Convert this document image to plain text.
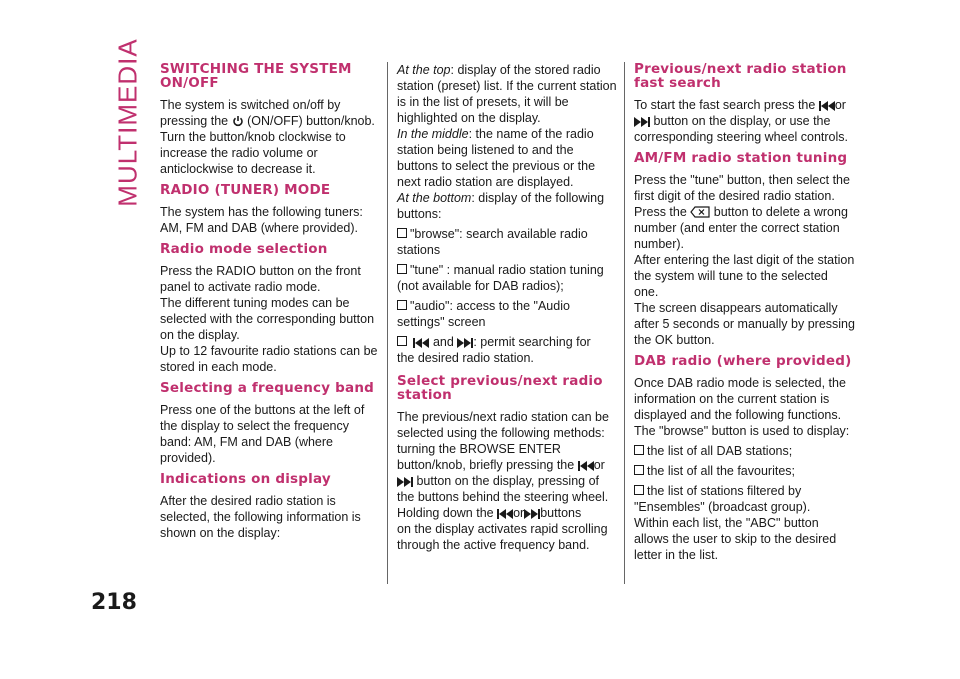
MULTIMEDIA SWITCHING THE SYSTEM ON/OFF
The system is switched on/off by
pressing the (ON/OFF) button/knob.
Turn the button/knob clockwise to
increase the radio volume or
anticlockwise to decrease it.
RADIO (TUNER) MODE
The system has the following tuners:
AM, FM and DAB (where provided).
Radio mode selection
Press the RADIO button on the front
panel to activate radio mode.
The different tuning modes can be
selected with the corresponding button
on the display.
Up to 12 favourite radio stations can be
stored in each mode.
Selecting a frequency band
Press one of the buttons at the left of
the display to select the frequency
band: AM, FM and DAB (where
provided).
Indications on display
After the desired radio station is
selected, the following information is
shown on the display:
At the top: display of the stored radio
station (preset) list. If the current station
is in the list of presets, it will be
highlighted on the display.
In the middle: the name of the radio
station being listened to and the
buttons to select the previous or the
next radio station are displayed.
At the bottom: display of the following
buttons:
"browse": search available radio
stations
"tune" : manual radio station tuning
(not available for DAB radios);
"audio": access to the "Audio
settings" screen
and : permit searching for
the desired radio station.
Select previous/next radio station
The previous/next radio station can be
selected using the following methods:
turning the BROWSE ENTER
button/knob, briefly pressing the or
button on the display, pressing of
the buttons behind the steering wheel.
Holding down the or buttons
on the display activates rapid scrolling
through the active frequency band.
Previous/next radio station fast search
To start the fast search press the or
button on the display, or use the
corresponding steering wheel controls.
AM/FM radio station tuning
Press the "tune" button, then select the
first digit of the desired radio station.
Press the button to delete a wrong
number (and enter the correct station
number).
After entering the last digit of the station
the system will tune to the selected
one.
The screen disappears automatically
after 5 seconds or manually by pressing
the OK button.
DAB radio (where provided)
Once DAB radio mode is selected, the
information on the current station is
displayed and the following functions.
The "browse" button is used to display:
the list of all DAB stations;
the list of all the favourites;
the list of stations filtered by
"Ensembles" (broadcast group).
Within each list, the "ABC" button
allows the user to skip to the desired
letter in the list.
218
